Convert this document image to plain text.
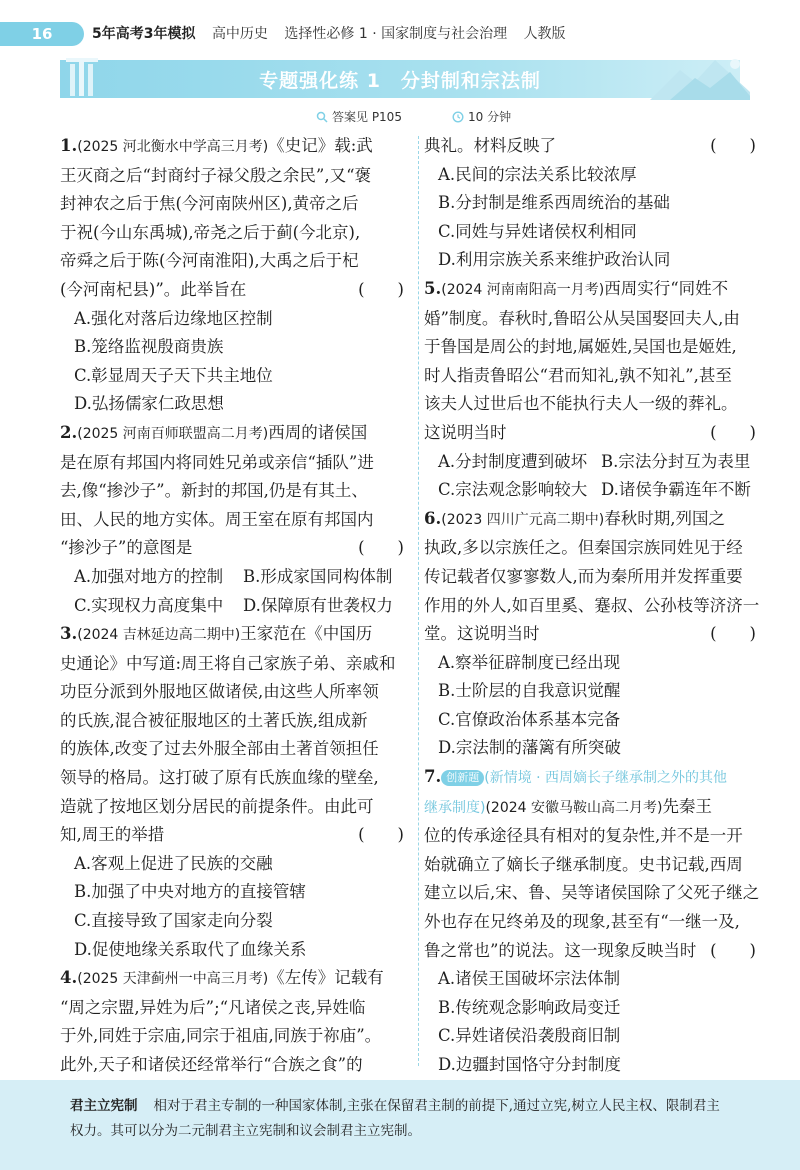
16	5年高考3年模拟 高中历史 选择性必修 1 · 国家制度与社会治理 人教版
专题强化练 1　分封制和宗法制
答案见 P105	10 分钟
1.(2025 河北衡水中学高三月考)《史记》载:武
王灭商之后“封商纣子禄父殷之余民”,又“褒
封神农之后于焦(今河南陕州区),黄帝之后
于祝(今山东禹城),帝尧之后于蓟(今北京),
帝舜之后于陈(今河南淮阳),大禹之后于杞
(今河南杞县)”。此举旨在	(　　)
A.强化对落后边缘地区控制
B.笼络监视殷商贵族
C.彰显周天子天下共主地位
D.弘扬儒家仁政思想
2.(2025 河南百师联盟高二月考)西周的诸侯国
是在原有邦国内将同姓兄弟或亲信“插队”进
去,像“掺沙子”。新封的邦国,仍是有其土、
田、人民的地方实体。周王室在原有邦国内
“掺沙子”的意图是	(　　)
A.加强对地方的控制	B.形成家国同构体制
C.实现权力高度集中	D.保障原有世袭权力
3.(2024 吉林延边高二期中)王家范在《中国历
史通论》中写道:周王将自己家族子弟、亲戚和
功臣分派到外服地区做诸侯,由这些人所率领
的氏族,混合被征服地区的土著氏族,组成新
的族体,改变了过去外服全部由土著首领担任
领导的格局。这打破了原有氏族血缘的壁垒,
造就了按地区划分居民的前提条件。由此可
知,周王的举措	(　　)
A.客观上促进了民族的交融
B.加强了中央对地方的直接管辖
C.直接导致了国家走向分裂
D.促使地缘关系取代了血缘关系
4.(2025 天津蓟州一中高三月考)《左传》记载有
“周之宗盟,异姓为后”;“凡诸侯之丧,异姓临
于外,同姓于宗庙,同宗于祖庙,同族于祢庙”。
此外,天子和诸侯还经常举行“合族之食”的
典礼。材料反映了	(　　)
A.民间的宗法关系比较浓厚
B.分封制是维系西周统治的基础
C.同姓与异姓诸侯权利相同
D.利用宗族关系来维护政治认同
5.(2024 河南南阳高一月考)西周实行“同姓不
婚”制度。春秋时,鲁昭公从吴国娶回夫人,由
于鲁国是周公的封地,属姬姓,吴国也是姬姓,
时人指责鲁昭公“君而知礼,孰不知礼”,甚至
该夫人过世后也不能执行夫人一级的葬礼。
这说明当时	(　　)
A.分封制度遭到破坏 B.宗法分封互为表里
C.宗法观念影响较大 D.诸侯争霸连年不断
6.(2023 四川广元高二期中)春秋时期,列国之
执政,多以宗族任之。但秦国宗族同姓见于经
传记载者仅寥寥数人,而为秦所用并发挥重要
作用的外人,如百里奚、蹇叔、公孙枝等济济一
堂。这说明当时	(　　)
A.察举征辟制度已经出现
B.士阶层的自我意识觉醒
C.官僚政治体系基本完备
D.宗法制的藩篱有所突破
7. 创新题 (新情境 · 西周嫡长子继承制之外的其他
继承制度)(2024 安徽马鞍山高二月考)先秦王
位的传承途径具有相对的复杂性,并不是一开
始就确立了嫡长子继承制度。史书记载,西周
建立以后,宋、鲁、吴等诸侯国除了父死子继之
外也存在兄终弟及的现象,甚至有“一继一及,
鲁之常也”的说法。这一现象反映当时 (　　)
A.诸侯王国破坏宗法体制
B.传统观念影响政局变迁
C.异姓诸侯沿袭殷商旧制
D.边疆封国恪守分封制度
君主立宪制 相对于君主专制的一种国家体制,主张在保留君主制的前提下,通过立宪,树立人民主权、限制君主
权力。其可以分为二元制君主立宪制和议会制君主立宪制。
